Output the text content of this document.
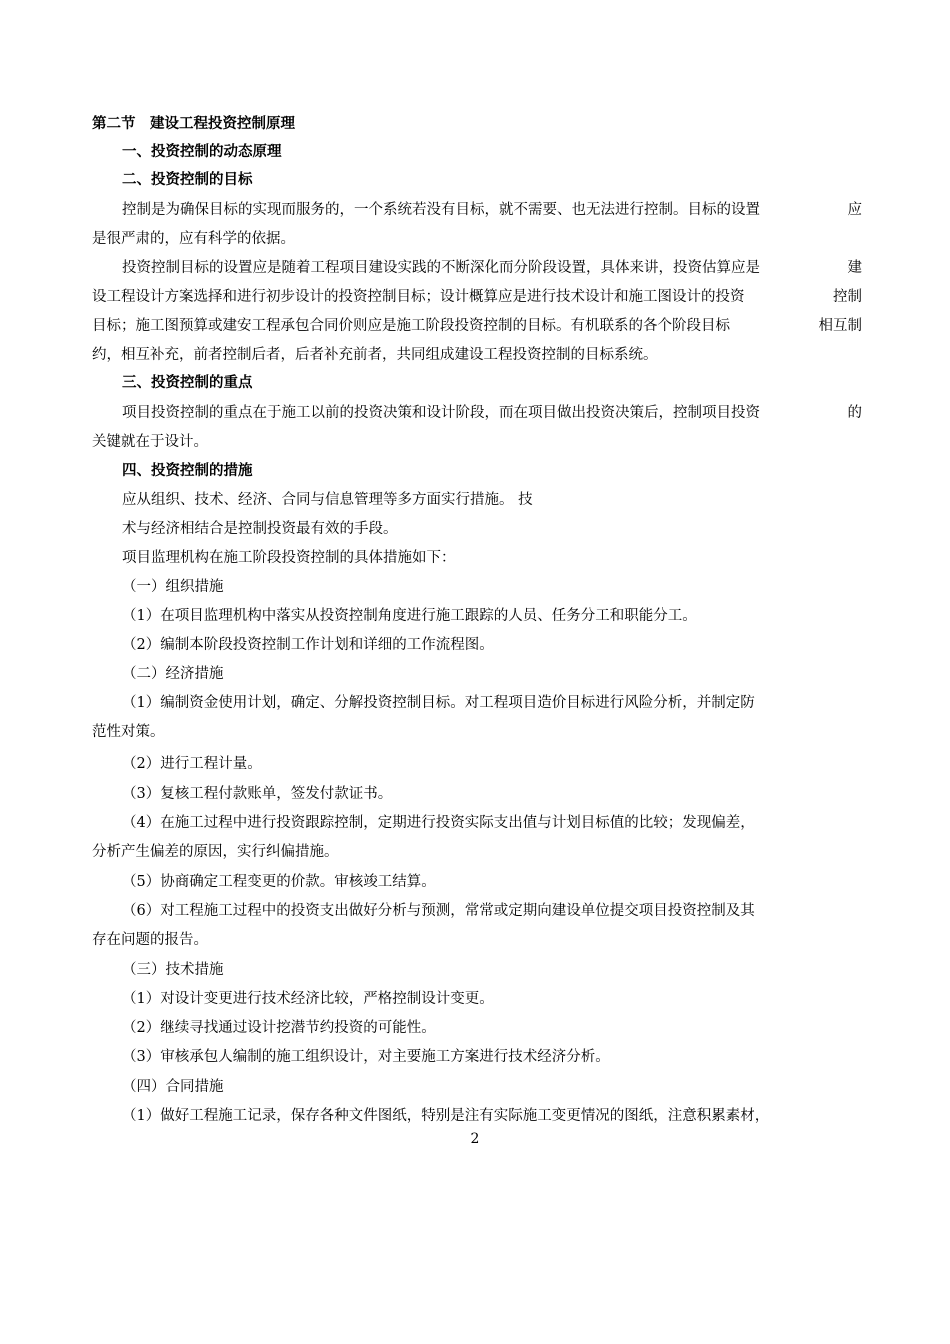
第二节　建设工程投资控制原理
一、投资控制的动态原理
二、投资控制的目标
控制是为确保目标的实现而服务的，一个系统若没有目标，就不需要、也无法进行控制。目标的设置	应
是很严肃的，应有科学的依据。
投资控制目标的设置应是随着工程项目建设实践的不断深化而分阶段设置，具体来讲，投资估算应是	建
设工程设计方案选择和进行初步设计的投资控制目标；设计概算应是进行技术设计和施工图设计的投资	控制
目标；施工图预算或建安工程承包合同价则应是施工阶段投资控制的目标。有机联系的各个阶段目标	相互制
约，相互补充，前者控制后者，后者补充前者，共同组成建设工程投资控制的目标系统。
三、投资控制的重点
项目投资控制的重点在于施工以前的投资决策和设计阶段，而在项目做出投资决策后，控制项目投资	的
关键就在于设计。
四、投资控制的措施
应从组织、技术、经济、合同与信息管理等多方面实行措施。 技
术与经济相结合是控制投资最有效的手段。
项目监理机构在施工阶段投资控制的具体措施如下：
（一）组织措施
（1）在项目监理机构中落实从投资控制角度进行施工跟踪的人员、任务分工和职能分工。
（2）编制本阶段投资控制工作计划和详细的工作流程图。
（二）经济措施
（1）编制资金使用计划，确定、分解投资控制目标。对工程项目造价目标进行风险分析，并制定防
范性对策。
（2）进行工程计量。
（3）复核工程付款账单，签发付款证书。
（4）在施工过程中进行投资跟踪控制，定期进行投资实际支出值与计划目标值的比较；发现偏差，
分析产生偏差的原因，实行纠偏措施。
（5）协商确定工程变更的价款。审核竣工结算。
（6）对工程施工过程中的投资支出做好分析与预测，常常或定期向建设单位提交项目投资控制及其
存在问题的报告。
（三）技术措施
（1）对设计变更进行技术经济比较，严格控制设计变更。
（2）继续寻找通过设计挖潜节约投资的可能性。
（3）审核承包人编制的施工组织设计，对主要施工方案进行技术经济分析。
（四）合同措施
（1）做好工程施工记录，保存各种文件图纸，特别是注有实际施工变更情况的图纸，注意积累素材，
2
